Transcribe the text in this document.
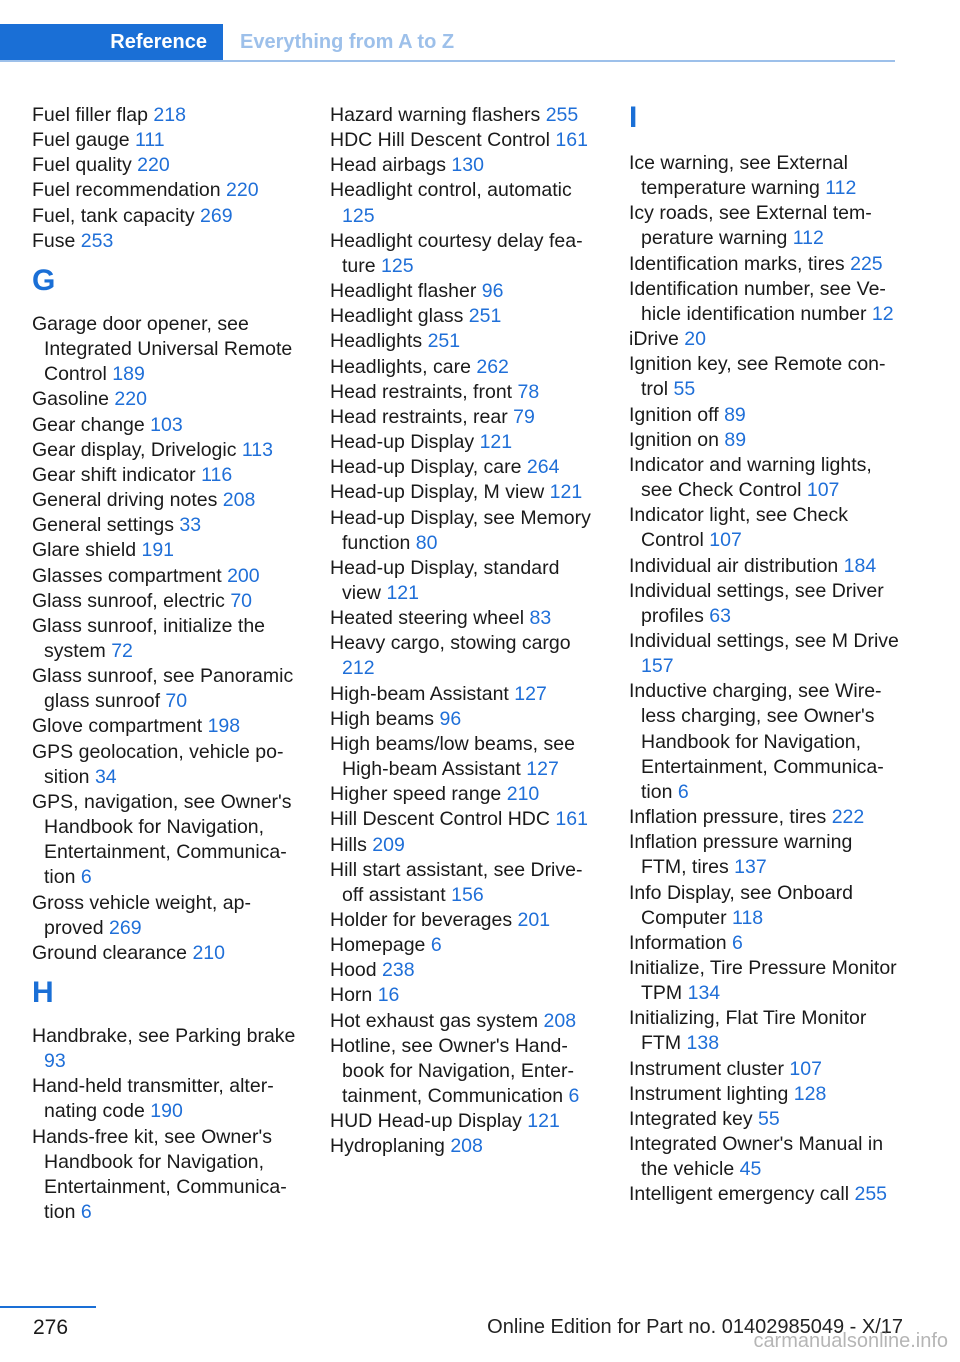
Reference	Everything from A to Z
Fuel filler flap 218
Fuel gauge 111
Fuel quality 220
Fuel recommendation 220
Fuel, tank capacity 269
Fuse 253
G
Garage door opener, see Integrated Universal Remote Control 189
Gasoline 220
Gear change 103
Gear display, Drivelogic 113
Gear shift indicator 116
General driving notes 208
General settings 33
Glare shield 191
Glasses compartment 200
Glass sunroof, electric 70
Glass sunroof, initialize the system 72
Glass sunroof, see Panoramic glass sunroof 70
Glove compartment 198
GPS geolocation, vehicle position 34
GPS, navigation, see Owner's Handbook for Navigation, Entertainment, Communication 6
Gross vehicle weight, approved 269
Ground clearance 210
H
Handbrake, see Parking brake 93
Hand-held transmitter, alternating code 190
Hands-free kit, see Owner's Handbook for Navigation, Entertainment, Communication 6
Hazard warning flashers 255
HDC Hill Descent Control 161
Head airbags 130
Headlight control, automatic 125
Headlight courtesy delay feature 125
Headlight flasher 96
Headlight glass 251
Headlights 251
Headlights, care 262
Head restraints, front 78
Head restraints, rear 79
Head-up Display 121
Head-up Display, care 264
Head-up Display, M view 121
Head-up Display, see Memory function 80
Head-up Display, standard view 121
Heated steering wheel 83
Heavy cargo, stowing cargo 212
High-beam Assistant 127
High beams 96
High beams/low beams, see High-beam Assistant 127
Higher speed range 210
Hill Descent Control HDC 161
Hills 209
Hill start assistant, see Drive-off assistant 156
Holder for beverages 201
Homepage 6
Hood 238
Horn 16
Hot exhaust gas system 208
Hotline, see Owner's Handbook for Navigation, Entertainment, Communication 6
HUD Head-up Display 121
Hydroplaning 208
I
Ice warning, see External temperature warning 112
Icy roads, see External temperature warning 112
Identification marks, tires 225
Identification number, see Vehicle identification number 12
iDrive 20
Ignition key, see Remote control 55
Ignition off 89
Ignition on 89
Indicator and warning lights, see Check Control 107
Indicator light, see Check Control 107
Individual air distribution 184
Individual settings, see Driver profiles 63
Individual settings, see M Drive 157
Inductive charging, see Wireless charging, see Owner's Handbook for Navigation, Entertainment, Communication 6
Inflation pressure, tires 222
Inflation pressure warning FTM, tires 137
Info Display, see Onboard Computer 118
Information 6
Initialize, Tire Pressure Monitor TPM 134
Initializing, Flat Tire Monitor FTM 138
Instrument cluster 107
Instrument lighting 128
Integrated key 55
Integrated Owner's Manual in the vehicle 45
Intelligent emergency call 255
276	Online Edition for Part no. 01402985049 - X/17
carmanualsonline.info
